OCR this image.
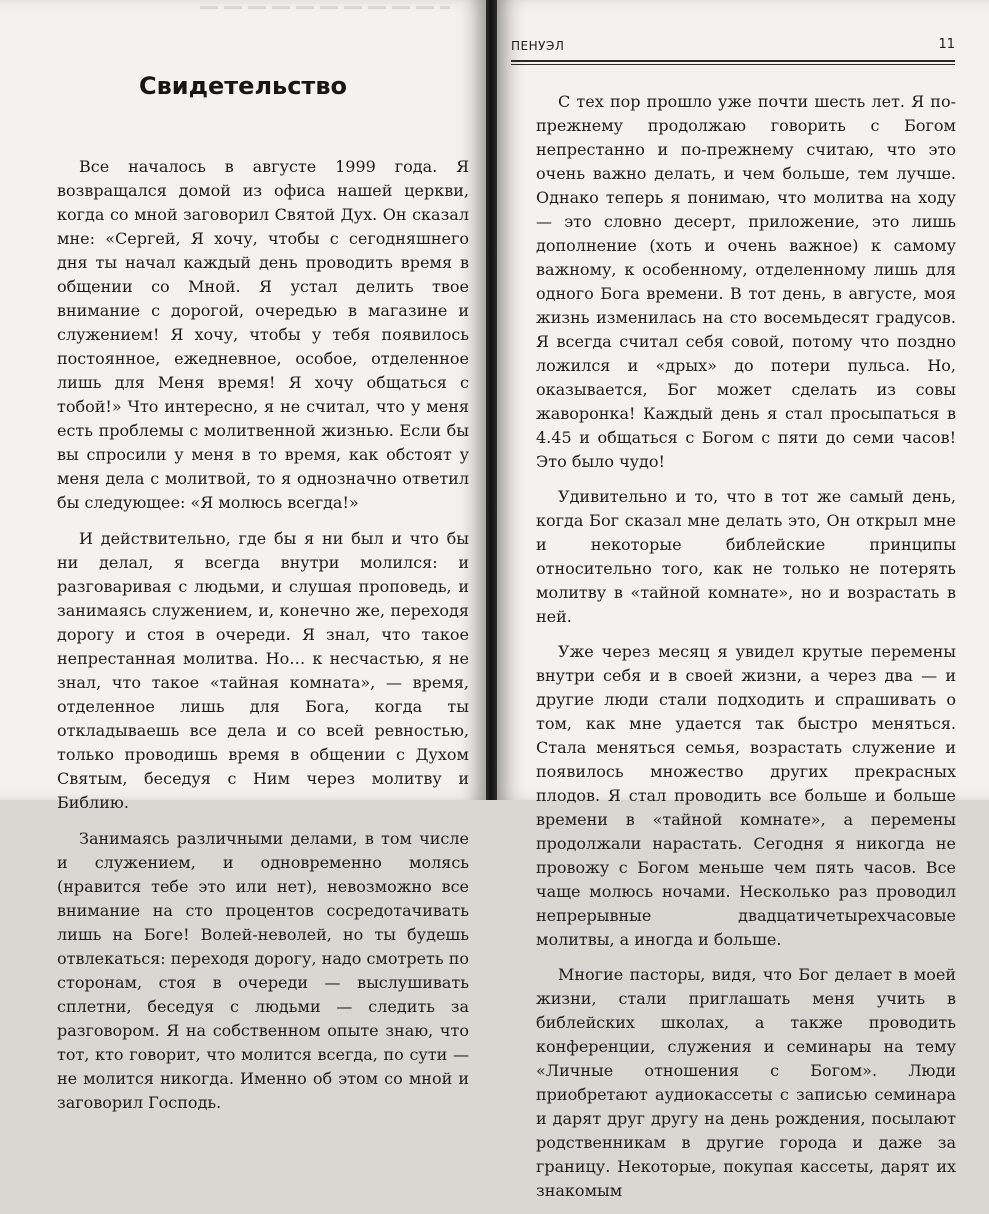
Свидетельство

Все началось в августе 1999 года. Я возвращался домой из офиса нашей церкви, когда со мной заговорил Святой Дух. Он сказал мне: «Сергей, Я хочу, чтобы с сегодняшнего дня ты начал каждый день проводить время в общении со Мной. Я устал делить твое внимание с дорогой, очередью в магазине и служением! Я хочу, чтобы у тебя появилось постоянное, ежедневное, особое, отделенное лишь для Меня время! Я хочу общаться с тобой!» Что интересно, я не считал, что у меня есть проблемы с молитвенной жизнью. Если бы вы спросили у меня в то время, как обстоят у меня дела с молитвой, то я однозначно ответил бы следующее: «Я молюсь всегда!»

И действительно, где бы я ни был и что бы ни делал, я всегда внутри молился: и разговаривая с людьми, и слушая проповедь, и занимаясь служением, и, конечно же, переходя дорогу и стоя в очереди. Я знал, что такое непрестанная молитва. Но… к несчастью, я не знал, что такое «тайная комната», — время, отделенное лишь для Бога, когда ты откладываешь все дела и со всей ревностью, только проводишь время в общении с Духом Святым, беседуя с Ним через молитву и Библию.

Занимаясь различными делами, в том числе и служением, и одновременно молясь (нравится тебе это или нет), невозможно все внимание на сто процентов сосредотачивать лишь на Боге! Волей-неволей, но ты будешь отвлекаться: переходя дорогу, надо смотреть по сторонам, стоя в очереди — выслушивать сплетни, беседуя с людьми — следить за разговором. Я на собственном опыте знаю, что тот, кто говорит, что молится всегда, по сути — не молится никогда. Именно об этом со мной и заговорил Господь.

ПЕНУЭЛ	11

С тех пор прошло уже почти шесть лет. Я по-прежнему продолжаю говорить с Богом непрестанно и по-прежнему считаю, что это очень важно делать, и чем больше, тем лучше. Однако теперь я понимаю, что молитва на ходу — это словно десерт, приложение, это лишь дополнение (хоть и очень важное) к самому важному, к особенному, отделенному лишь для одного Бога времени. В тот день, в августе, моя жизнь изменилась на сто восемьдесят градусов. Я всегда считал себя совой, потому что поздно ложился и «дрых» до потери пульса. Но, оказывается, Бог может сделать из совы жаворонка! Каждый день я стал просыпаться в 4.45 и общаться с Богом с пяти до семи часов! Это было чудо!

Удивительно и то, что в тот же самый день, когда Бог сказал мне делать это, Он открыл мне и некоторые библейские принципы относительно того, как не только не потерять молитву в «тайной комнате», но и возрастать в ней.

Уже через месяц я увидел крутые перемены внутри себя и в своей жизни, а через два — и другие люди стали подходить и спрашивать о том, как мне удается так быстро меняться. Стала меняться семья, возрастать служение и появилось множество других прекрасных плодов. Я стал проводить все больше и больше времени в «тайной комнате», а перемены продолжали нарастать. Сегодня я никогда не провожу с Богом меньше чем пять часов. Все чаще молюсь ночами. Несколько раз проводил непрерывные двадцатичетырехчасовые молитвы, а иногда и больше.

Многие пасторы, видя, что Бог делает в моей жизни, стали приглашать меня учить в библейских школах, а также проводить конференции, служения и семинары на тему «Личные отношения с Богом». Люди приобретают аудиокассеты с записью семинара и дарят друг другу на день рождения, посылают родственникам в другие города и даже за границу. Некоторые, покупая кассеты, дарят их знакомым
